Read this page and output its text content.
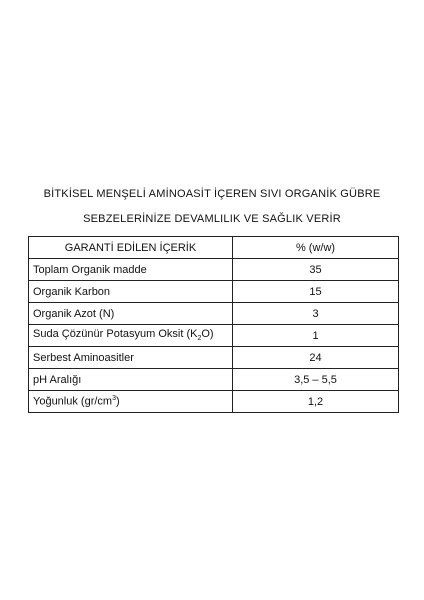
BİTKİSEL MENŞELİ AMİNOASİT İÇEREN SIVI ORGANİK GÜBRE
SEBZELERİNİZE DEVAMLILIK VE SAĞLIK VERİR
GARANTİ EDİLEN İÇERİK	% (w/w)
Toplam Organik madde	35
Organik Karbon	15
Organik Azot (N)	3
Suda Çözünür Potasyum Oksit $(K_2O)$	1
Serbest Aminoasitler	24
pH Aralığı	3,5 – 5,5
Yoğunluk $(gr/cm^3)$	1,2
